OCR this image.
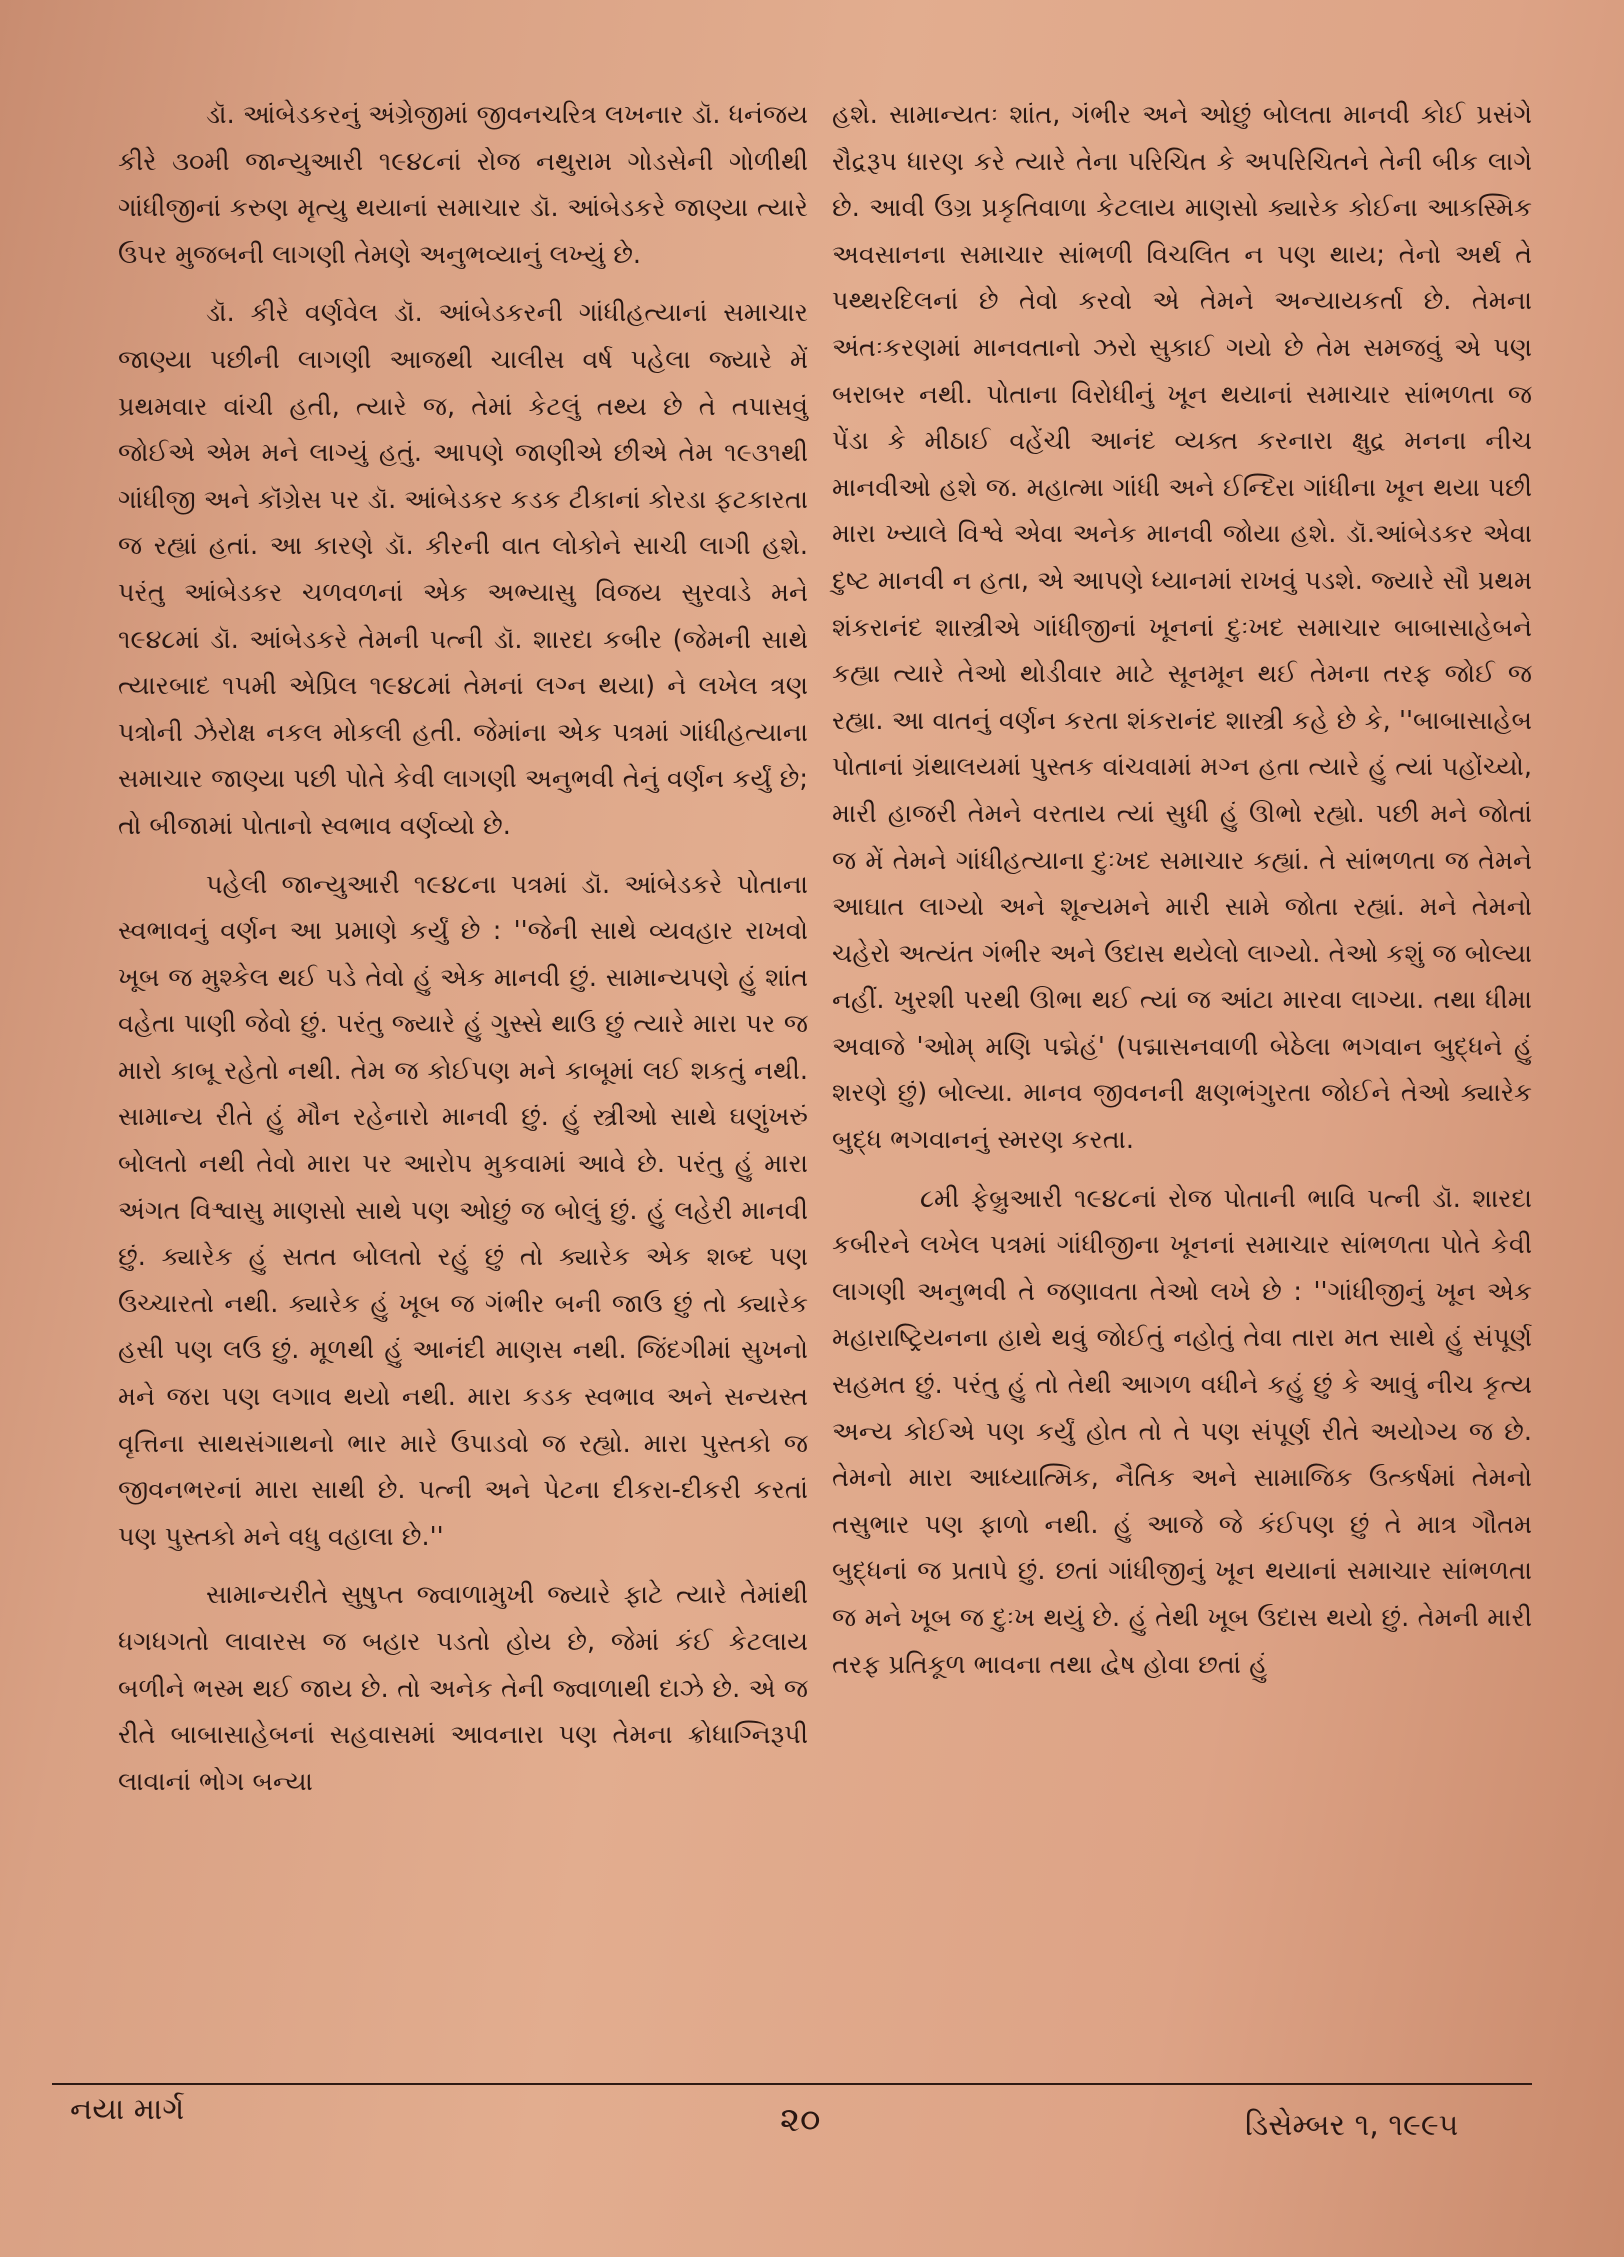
ડૉ. આંબેડકરનું અંગ્રેજીમાં જીવનચરિત્ર લખનાર ડૉ. ધનંજય કીરે ૩૦મી જાન્યુઆરી ૧૯૪૮નાં રોજ નથુરામ ગોડસેની ગોળીથી ગાંધીજીનાં કરુણ મૃત્યુ થયાનાં સમાચાર ડૉ. આંબેડકરે જાણ્યા ત્યારે ઉપર મુજબની લાગણી તેમણે અનુભવ્યાનું લખ્યું છે.

ડૉ. કીરે વર્ણવેલ ડૉ. આંબેડકરની ગાંધીહત્યાનાં સમાચાર જાણ્યા પછીની લાગણી આજથી ચાલીસ વર્ષ પહેલા જ્યારે મેં પ્રથમવાર વાંચી હતી, ત્યારે જ, તેમાં કેટલું તથ્ય છે તે તપાસવું જોઈએ એમ મને લાગ્યું હતું. આપણે જાણીએ છીએ તેમ ૧૯૩૧થી ગાંધીજી અને કૉંગ્રેસ પર ડૉ. આંબેડકર કડક ટીકાનાં કોરડા ફટકારતા જ રહ્યાં હતાં. આ કારણે ડૉ. કીરની વાત લોકોને સાચી લાગી હશે. પરંતુ આંબેડકર ચળવળનાં એક અભ્યાસુ વિજય સુરવાડે મને ૧૯૪૮માં ડૉ. આંબેડકરે તેમની પત્ની ડૉ. શારદા કબીર (જેમની સાથે ત્યારબાદ ૧૫મી એપ્રિલ ૧૯૪૮માં તેમનાં લગ્ન થયા) ને લખેલ ત્રણ પત્રોની ઝેરોક્ષ નકલ મોકલી હતી. જેમાંના એક પત્રમાં ગાંધીહત્યાના સમાચાર જાણ્યા પછી પોતે કેવી લાગણી અનુભવી તેનું વર્ણન કર્યું છે; તો બીજામાં પોતાનો સ્વભાવ વર્ણવ્યો છે.

પહેલી જાન્યુઆરી ૧૯૪૮ના પત્રમાં ડૉ. આંબેડકરે પોતાના સ્વભાવનું વર્ણન આ પ્રમાણે કર્યું છે : ''જેની સાથે વ્યવહાર રાખવો ખૂબ જ મુશ્કેલ થઈ પડે તેવો હું એક માનવી છું. સામાન્યપણે હું શાંત વહેતા પાણી જેવો છું. પરંતુ જ્યારે હું ગુસ્સે થાઉ છું ત્યારે મારા પર જ મારો કાબૂ રહેતો નથી. તેમ જ કોઈપણ મને કાબૂમાં લઈ શકતું નથી. સામાન્ય રીતે હું મૌન રહેનારો માનવી છું. હું સ્ત્રીઓ સાથે ઘણુંખરું બોલતો નથી તેવો મારા પર આરોપ મુકવામાં આવે છે. પરંતુ હું મારા અંગત વિશ્વાસુ માણસો સાથે પણ ઓછું જ બોલું છું. હું લહેરી માનવી છું. ક્યારેક હું સતત બોલતો રહું છું તો ક્યારેક એક શબ્દ પણ ઉચ્ચારતો નથી. ક્યારેક હું ખૂબ જ ગંભીર બની જાઉ છું તો ક્યારેક હસી પણ લઉ છું. મૂળથી હું આનંદી માણસ નથી. જિંદગીમાં સુખનો મને જરા પણ લગાવ થયો નથી. મારા કડક સ્વભાવ અને સન્યસ્ત વૃત્તિના સાથસંગાથનો ભાર મારે ઉપાડવો જ રહ્યો. મારા પુસ્તકો જ જીવનભરનાં મારા સાથી છે. પત્ની અને પેટના દીકરા-દીકરી કરતાં પણ પુસ્તકો મને વધુ વહાલા છે.''

સામાન્યરીતે સુષુપ્ત જ્વાળામુખી જ્યારે ફાટે ત્યારે તેમાંથી ધગધગતો લાવારસ જ બહાર પડતો હોય છે, જેમાં કંઈ કેટલાય બળીને ભસ્મ થઈ જાય છે. તો અનેક તેની જ્વાળાથી દાઝે છે. એ જ રીતે બાબાસાહેબનાં સહવાસમાં આવનારા પણ તેમના ક્રોધાગ્નિરૂપી લાવાનાં ભોગ બન્યા

હશે. સામાન્યતઃ શાંત, ગંભીર અને ઓછું બોલતા માનવી કોઈ પ્રસંગે રૌદ્રરૂપ ધારણ કરે ત્યારે તેના પરિચિત કે અપરિચિતને તેની બીક લાગે છે. આવી ઉગ્ર પ્રકૃતિવાળા કેટલાય માણસો ક્યારેક કોઈના આકસ્મિક અવસાનના સમાચાર સાંભળી વિચલિત ન પણ થાય; તેનો અર્થ તે પથ્થરદિલનાં છે તેવો કરવો એ તેમને અન્યાયકર્તા છે. તેમના અંતઃકરણમાં માનવતાનો ઝરો સુકાઈ ગયો છે તેમ સમજવું એ પણ બરાબર નથી. પોતાના વિરોધીનું ખૂન થયાનાં સમાચાર સાંભળતા જ પેંડા કે મીઠાઈ વહેંચી આનંદ વ્યક્ત કરનારા ક્ષુદ્ર મનના નીચ માનવીઓ હશે જ. મહાત્મા ગાંધી અને ઈન્દિરા ગાંધીના ખૂન થયા પછી મારા ખ્યાલે વિશ્વે એવા અનેક માનવી જોયા હશે. ડૉ.આંબેડકર એવા દુષ્ટ માનવી ન હતા, એ આપણે ધ્યાનમાં રાખવું પડશે. જ્યારે સૌ પ્રથમ શંકરાનંદ શાસ્ત્રીએ ગાંધીજીનાં ખૂનનાં દુઃખદ સમાચાર બાબાસાહેબને કહ્યા ત્યારે તેઓ થોડીવાર માટે સૂનમૂન થઈ તેમના તરફ જોઈ જ રહ્યા. આ વાતનું વર્ણન કરતા શંકરાનંદ શાસ્ત્રી કહે છે કે, ''બાબાસાહેબ પોતાનાં ગ્રંથાલયમાં પુસ્તક વાંચવામાં મગ્ન હતા ત્યારે હું ત્યાં પહોંચ્યો, મારી હાજરી તેમને વરતાય ત્યાં સુધી હું ઊભો રહ્યો. પછી મને જોતાં જ મેં તેમને ગાંધીહત્યાના દુઃખદ સમાચાર કહ્યાં. તે સાંભળતા જ તેમને આઘાત લાગ્યો અને શૂન્યમને મારી સામે જોતા રહ્યાં. મને તેમનો ચહેરો અત્યંત ગંભીર અને ઉદાસ થયેલો લાગ્યો. તેઓ કશું જ બોલ્યા નહીં. ખુરશી પરથી ઊભા થઈ ત્યાં જ આંટા મારવા લાગ્યા. તથા ધીમા અવાજે 'ઓમ્ મણિ પદ્મેહં' (પદ્માસનવાળી બેઠેલા ભગવાન બુદ્ધને હું શરણે છું) બોલ્યા. માનવ જીવનની ક્ષણભંગુરતા જોઈને તેઓ ક્યારેક બુદ્ધ ભગવાનનું સ્મરણ કરતા.

૮મી ફેબ્રુઆરી ૧૯૪૮નાં રોજ પોતાની ભાવિ પત્ની ડૉ. શારદા કબીરને લખેલ પત્રમાં ગાંધીજીના ખૂનનાં સમાચાર સાંભળતા પોતે કેવી લાગણી અનુભવી તે જણાવતા તેઓ લખે છે : ''ગાંધીજીનું ખૂન એક મહારાષ્ટ્રિયનના હાથે થવું જોઈતું નહોતું તેવા તારા મત સાથે હું સંપૂર્ણ સહમત છું. પરંતુ હું તો તેથી આગળ વધીને કહું છું કે આવું નીચ કૃત્ય અન્ય કોઈએ પણ કર્યું હોત તો તે પણ સંપૂર્ણ રીતે અયોગ્ય જ છે. તેમનો મારા આધ્યાત્મિક, નૈતિક અને સામાજિક ઉત્કર્ષમાં તેમનો તસુભાર પણ ફાળો નથી. હું આજે જે કંઈપણ છું તે માત્ર ગૌતમ બુદ્ધનાં જ પ્રતાપે છું. છતાં ગાંધીજીનું ખૂન થયાનાં સમાચાર સાંભળતા જ મને ખૂબ જ દુઃખ થયું છે. હું તેથી ખૂબ ઉદાસ થયો છું. તેમની મારી તરફ પ્રતિકૂળ ભાવના તથા દ્વેષ હોવા છતાં હું

નયા માર્ગ	૨૦	ડિસેમ્બર ૧, ૧૯૯૫
